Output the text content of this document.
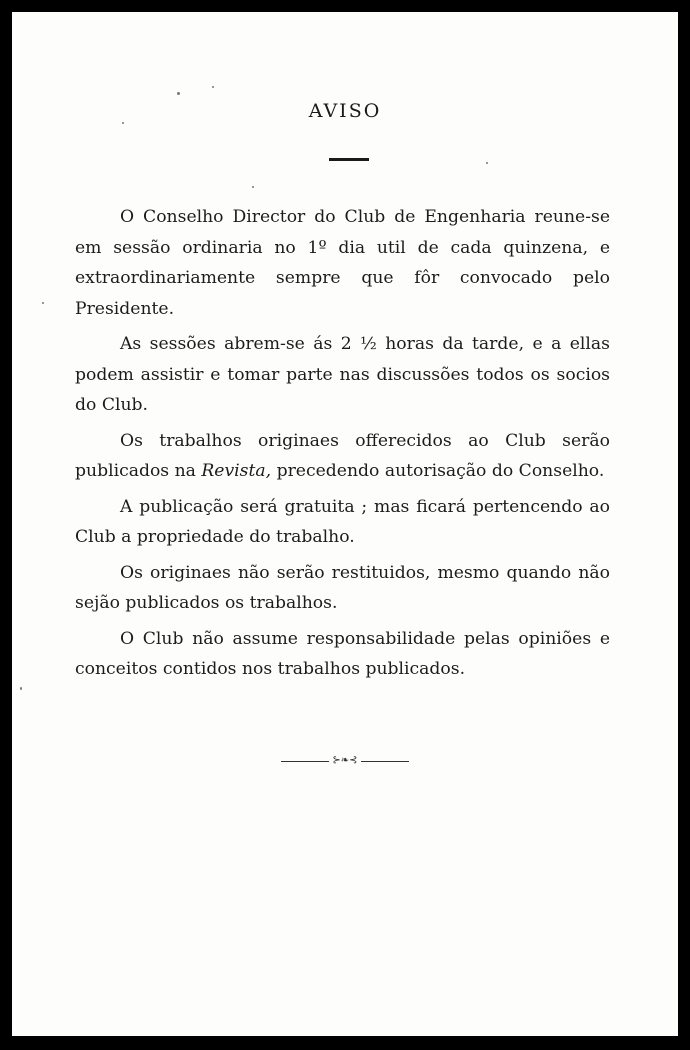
AVISO

O Conselho Director do Club de Engenharia reune-se em sessão ordinaria no 1º dia util de cada quinzena, e extraordinariamente sempre que fôr convocado pelo Presidente.

As sessões abrem-se ás 2 ½ horas da tarde, e a ellas podem assistir e tomar parte nas discussões todos os socios do Club.

Os trabalhos originaes offerecidos ao Club serão publicados na Revista, precedendo autorisação do Conselho.

A publicação será gratuita ; mas ficará pertencendo ao Club a propriedade do trabalho.

Os originaes não serão restituidos, mesmo quando não sejão publicados os trabalhos.

O Club não assume responsabilidade pelas opiniões e conceitos contidos nos trabalhos publicados.

⊱❧⊰
